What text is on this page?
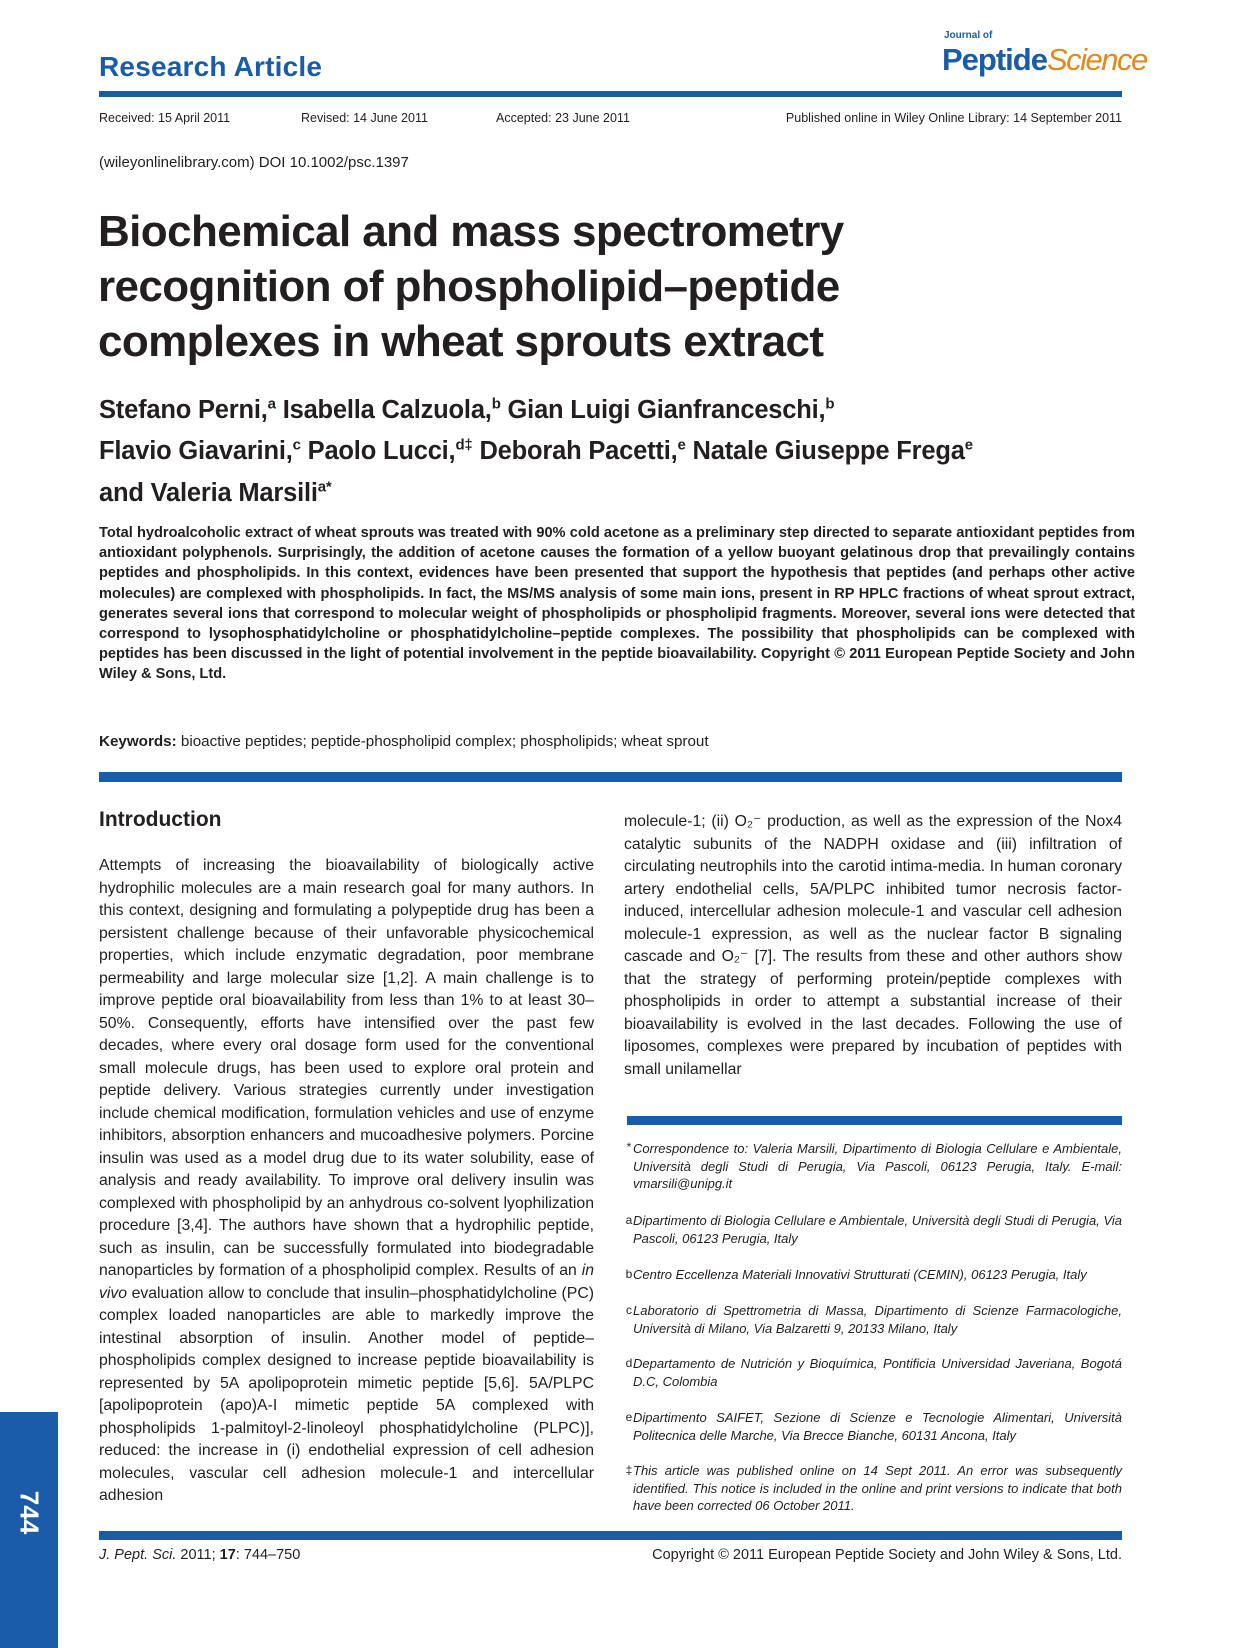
Research Article
Journal of
PeptideScience
Received: 15 April 2011	Revised: 14 June 2011	Accepted: 23 June 2011	Published online in Wiley Online Library: 14 September 2011
(wileyonlinelibrary.com) DOI 10.1002/psc.1397
Biochemical and mass spectrometry
recognition of phospholipid–peptide
complexes in wheat sprouts extract
Stefano Perni,$^a$ Isabella Calzuola,$^b$ Gian Luigi Gianfranceschi,$^b$
Flavio Giavarini,$^c$ Paolo Lucci,$^{d\ddagger}$ Deborah Pacetti,$^e$ Natale Giuseppe Frega$^e$
and Valeria Marsili$^{a*}$
Total hydroalcoholic extract of wheat sprouts was treated with 90% cold acetone as a preliminary step directed to separate antioxidant peptides from antioxidant polyphenols. Surprisingly, the addition of acetone causes the formation of a yellow buoyant gelatinous drop that prevailingly contains peptides and phospholipids. In this context, evidences have been presented that support the hypothesis that peptides (and perhaps other active molecules) are complexed with phospholipids. In fact, the MS/MS analysis of some main ions, present in RP HPLC fractions of wheat sprout extract, generates several ions that correspond to molecular weight of phospholipids or phospholipid fragments. Moreover, several ions were detected that correspond to lysophosphatidylcholine or phosphatidylcholine–peptide complexes. The possibility that phospholipids can be complexed with peptides has been discussed in the light of potential involvement in the peptide bioavailability. Copyright © 2011 European Peptide Society and John Wiley & Sons, Ltd.
Keywords: bioactive peptides; peptide-phospholipid complex; phospholipids; wheat sprout
Introduction
Attempts of increasing the bioavailability of biologically active hydrophilic molecules are a main research goal for many authors. In this context, designing and formulating a polypeptide drug has been a persistent challenge because of their unfavorable physicochemical properties, which include enzymatic degradation, poor membrane permeability and large molecular size [1,2]. A main challenge is to improve peptide oral bioavailability from less than 1% to at least 30–50%. Consequently, efforts have intensified over the past few decades, where every oral dosage form used for the conventional small molecule drugs, has been used to explore oral protein and peptide delivery. Various strategies currently under investigation include chemical modification, formulation vehicles and use of enzyme inhibitors, absorption enhancers and mucoadhesive polymers. Porcine insulin was used as a model drug due to its water solubility, ease of analysis and ready availability. To improve oral delivery insulin was complexed with phospholipid by an anhydrous co-solvent lyophilization procedure [3,4]. The authors have shown that a hydrophilic peptide, such as insulin, can be successfully formulated into biodegradable nanoparticles by formation of a phospholipid complex. Results of an in vivo evaluation allow to conclude that insulin–phosphatidylcholine (PC) complex loaded nanoparticles are able to markedly improve the intestinal absorption of insulin. Another model of peptide–phospholipids complex designed to increase peptide bioavailability is represented by 5A apolipoprotein mimetic peptide [5,6]. 5A/PLPC [apolipoprotein (apo)A-I mimetic peptide 5A complexed with phospholipids 1-palmitoyl-2-linoleoyl phosphatidylcholine (PLPC)], reduced: the increase in (i) endothelial expression of cell adhesion molecules, vascular cell adhesion molecule-1 and intercellular adhesion
molecule-1; (ii) O₂⁻ production, as well as the expression of the Nox4 catalytic subunits of the NADPH oxidase and (iii) infiltration of circulating neutrophils into the carotid intima-media. In human coronary artery endothelial cells, 5A/PLPC inhibited tumor necrosis factor-induced, intercellular adhesion molecule-1 and vascular cell adhesion molecule-1 expression, as well as the nuclear factor B signaling cascade and O₂⁻ [7]. The results from these and other authors show that the strategy of performing protein/peptide complexes with phospholipids in order to attempt a substantial increase of their bioavailability is evolved in the last decades. Following the use of liposomes, complexes were prepared by incubation of peptides with small unilamellar
* Correspondence to: Valeria Marsili, Dipartimento di Biologia Cellulare e Ambientale, Università degli Studi di Perugia, Via Pascoli, 06123 Perugia, Italy. E-mail: vmarsili@unipg.it
a Dipartimento di Biologia Cellulare e Ambientale, Università degli Studi di Perugia, Via Pascoli, 06123 Perugia, Italy
b Centro Eccellenza Materiali Innovativi Strutturati (CEMIN), 06123 Perugia, Italy
c Laboratorio di Spettrometria di Massa, Dipartimento di Scienze Farmacologiche, Università di Milano, Via Balzaretti 9, 20133 Milano, Italy
d Departamento de Nutrición y Bioquímica, Pontificia Universidad Javeriana, Bogotá D.C, Colombia
e Dipartimento SAIFET, Sezione di Scienze e Tecnologie Alimentari, Università Politecnica delle Marche, Via Brecce Bianche, 60131 Ancona, Italy
‡ This article was published online on 14 Sept 2011. An error was subsequently identified. This notice is included in the online and print versions to indicate that both have been corrected 06 October 2011.
744
J. Pept. Sci. 2011; 17: 744–750	Copyright © 2011 European Peptide Society and John Wiley & Sons, Ltd.
